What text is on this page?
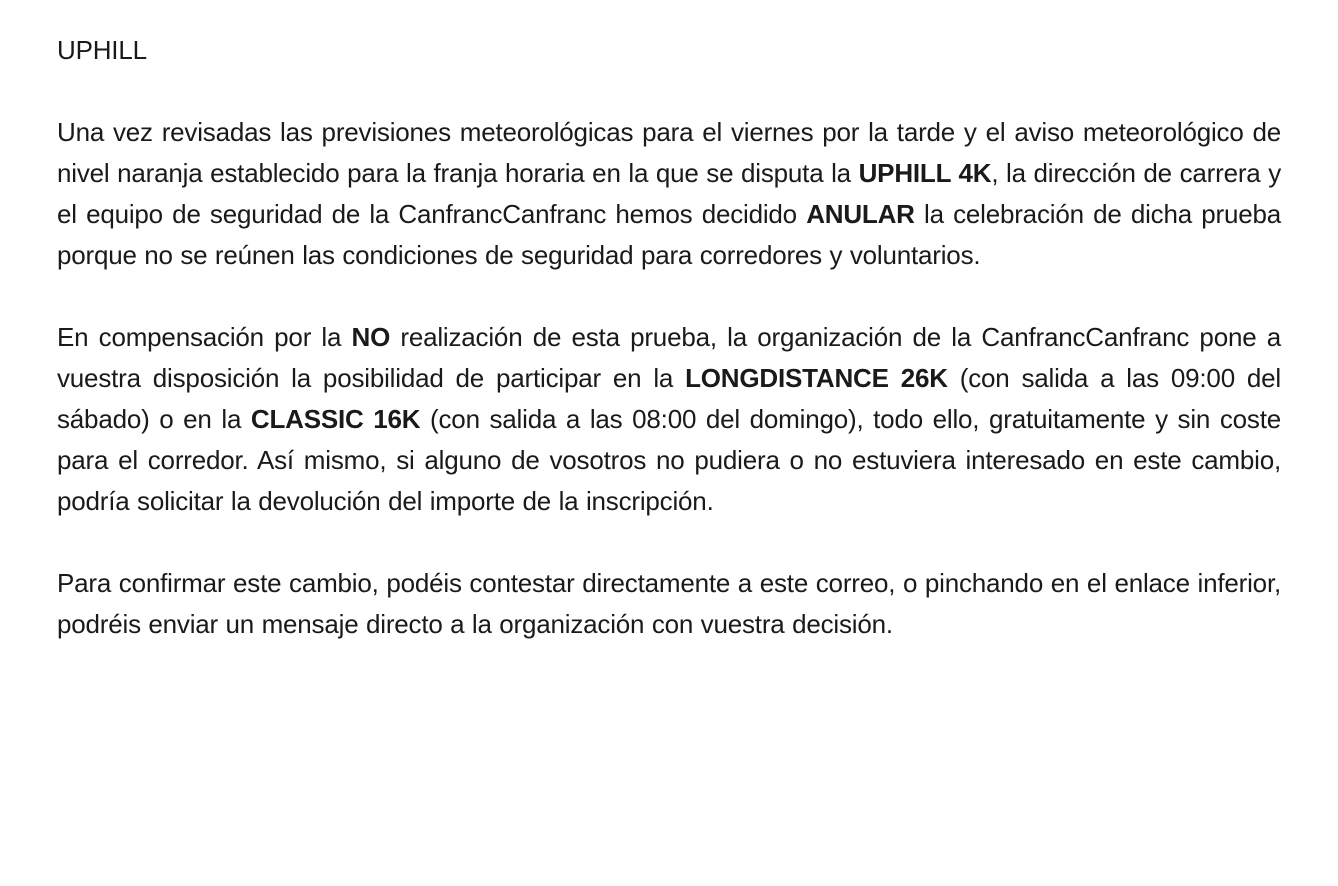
UPHILL

Una vez revisadas las previsiones meteorológicas para el viernes por la tarde y el aviso meteorológico de nivel naranja establecido para la franja horaria en la que se disputa la UPHILL 4K, la dirección de carrera y el equipo de seguridad de la CanfrancCanfranc hemos decidido ANULAR la celebración de dicha prueba porque no se reúnen las condiciones de seguridad para corredores y voluntarios.

En compensación por la NO realización de esta prueba, la organización de la CanfrancCanfranc pone a vuestra disposición la posibilidad de participar en la LONGDISTANCE 26K (con salida a las 09:00 del sábado) o en la CLASSIC 16K (con salida a las 08:00 del domingo), todo ello, gratuitamente y sin coste para el corredor. Así mismo, si alguno de vosotros no pudiera o no estuviera interesado en este cambio, podría solicitar la devolución del importe de la inscripción.

Para confirmar este cambio, podéis contestar directamente a este correo, o pinchando en el enlace inferior, podréis enviar un mensaje directo a la organización con vuestra decisión.
